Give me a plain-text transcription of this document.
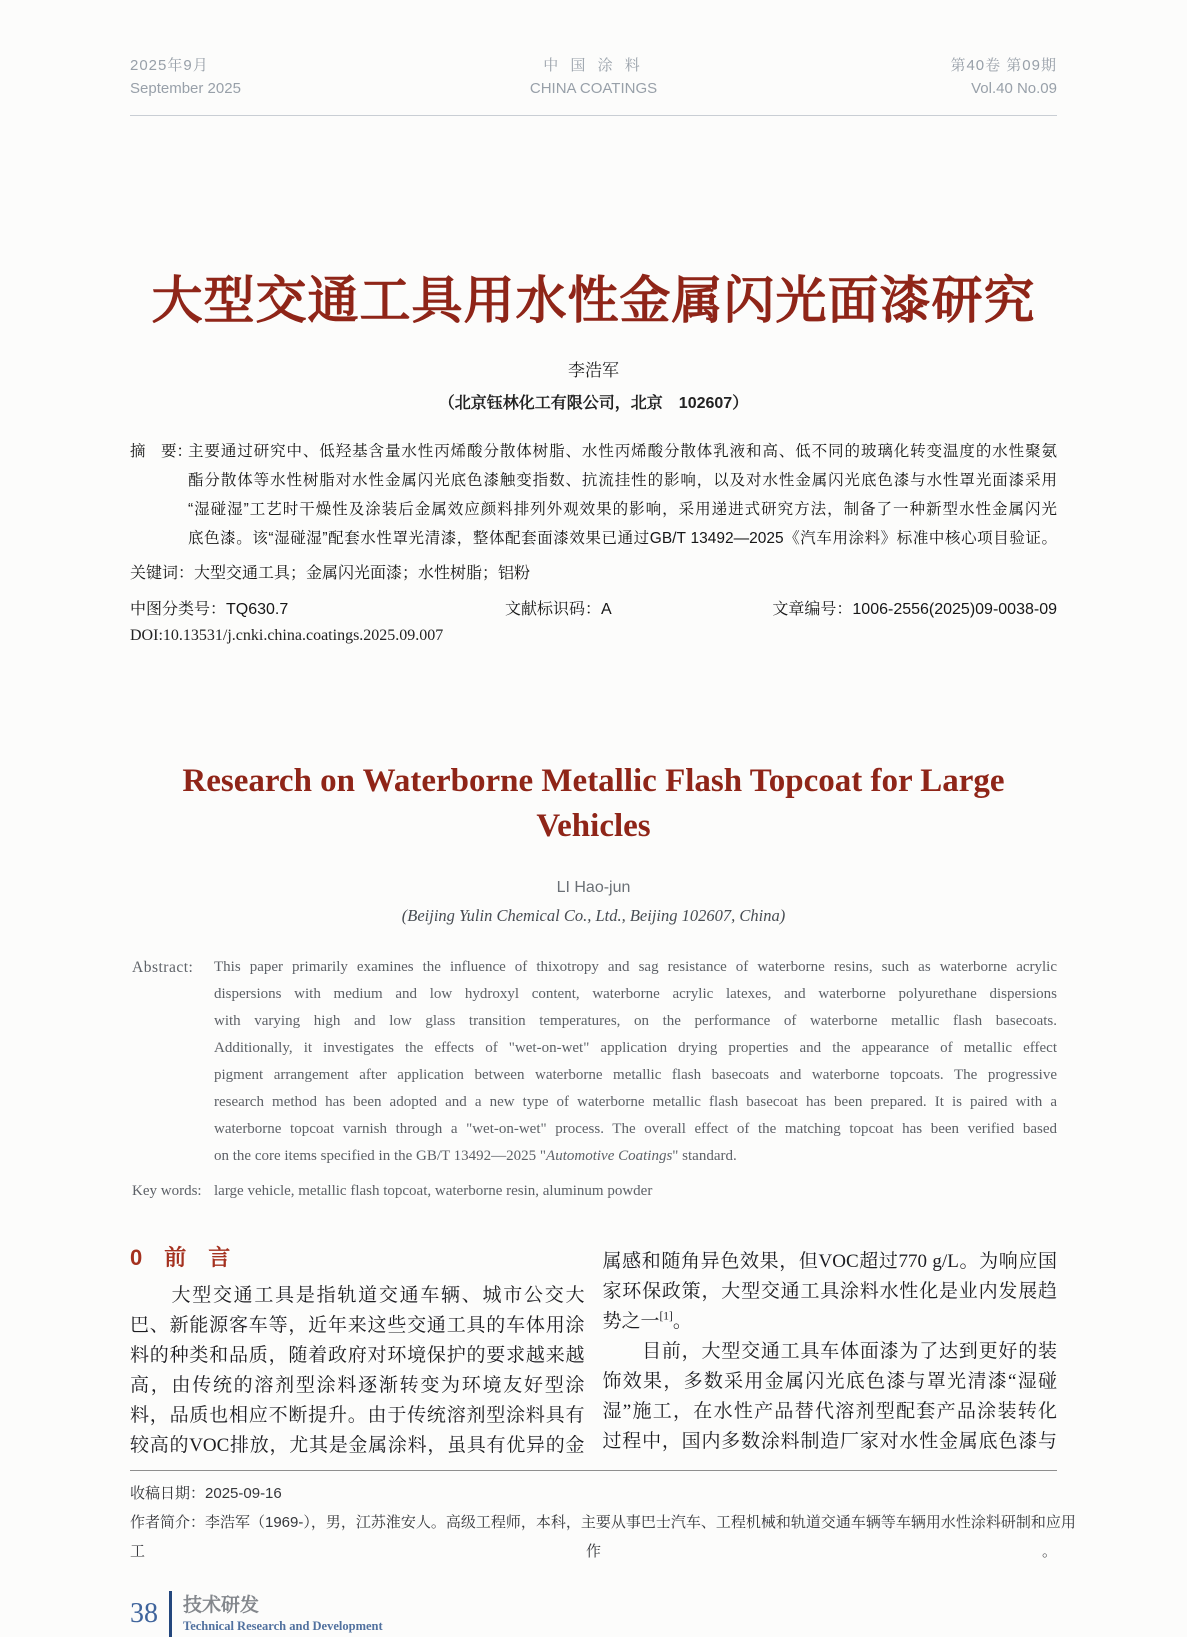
2025年9月
September 2025
中 国 涂 料
CHINA COATINGS
第40卷 第09期
Vol.40 No.09
大型交通工具用水性金属闪光面漆研究
李浩军
（北京钰林化工有限公司，北京　102607）
摘　要：
主要通过研究中、低羟基含量水性丙烯酸分散体树脂、水性丙烯酸分散体乳液和高、低不同的玻璃化转变温度的水性聚氨
酯分散体等水性树脂对水性金属闪光底色漆触变指数、抗流挂性的影响，以及对水性金属闪光底色漆与水性罩光面漆采用
“湿碰湿”工艺时干燥性及涂装后金属效应颜料排列外观效果的影响，采用递进式研究方法，制备了一种新型水性金属闪光
底色漆。该“湿碰湿”配套水性罩光清漆，整体配套面漆效果已通过GB/T 13492—2025《汽车用涂料》标准中核心项目验证。
关键词：大型交通工具；金属闪光面漆；水性树脂；铝粉
中图分类号：TQ630.7	文献标识码：A	文章编号：1006-2556(2025)09-0038-09
DOI:10.13531/j.cnki.china.coatings.2025.09.007
Research on Waterborne Metallic Flash Topcoat for Large
Vehicles
LI Hao-jun
(Beijing Yulin Chemical Co., Ltd., Beijing 102607, China)
Abstract: This paper primarily examines the influence of thixotropy and sag resistance of waterborne resins, such as waterborne acrylic
dispersions with medium and low hydroxyl content, waterborne acrylic latexes, and waterborne polyurethane dispersions
with varying high and low glass transition temperatures, on the performance of waterborne metallic flash basecoats.
Additionally, it investigates the effects of "wet-on-wet" application drying properties and the appearance of metallic effect
pigment arrangement after application between waterborne metallic flash basecoats and waterborne topcoats. The progressive
research method has been adopted and a new type of waterborne metallic flash basecoat has been prepared. It is paired with a
waterborne topcoat varnish through a "wet-on-wet" process. The overall effect of the matching topcoat has been verified based
on the core items specified in the GB/T 13492—2025 "Automotive Coatings" standard.
Key words: large vehicle, metallic flash topcoat, waterborne resin, aluminum powder
0　前　言
　　大型交通工具是指轨道交通车辆、城市公交大
巴、新能源客车等，近年来这些交通工具的车体用涂
料的种类和品质，随着政府对环境保护的要求越来越
高，由传统的溶剂型涂料逐渐转变为环境友好型涂
料，品质也相应不断提升。由于传统溶剂型涂料具有
较高的VOC排放，尤其是金属涂料，虽具有优异的金
属感和随角异色效果，但VOC超过770 g/L。为响应国
家环保政策，大型交通工具涂料水性化是业内发展趋
势之一[1]。
　　目前，大型交通工具车体面漆为了达到更好的装
饰效果，多数采用金属闪光底色漆与罩光清漆“湿碰
湿”施工，在水性产品替代溶剂型配套产品涂装转化
过程中，国内多数涂料制造厂家对水性金属底色漆与
收稿日期：2025-09-16
作者简介：李浩军（1969-），男，江苏淮安人。高级工程师，本科，主要从事巴士汽车、工程机械和轨道交通车辆等车辆用水性涂料研制和应用
工作。
38 技术研发
Technical Research and Development
